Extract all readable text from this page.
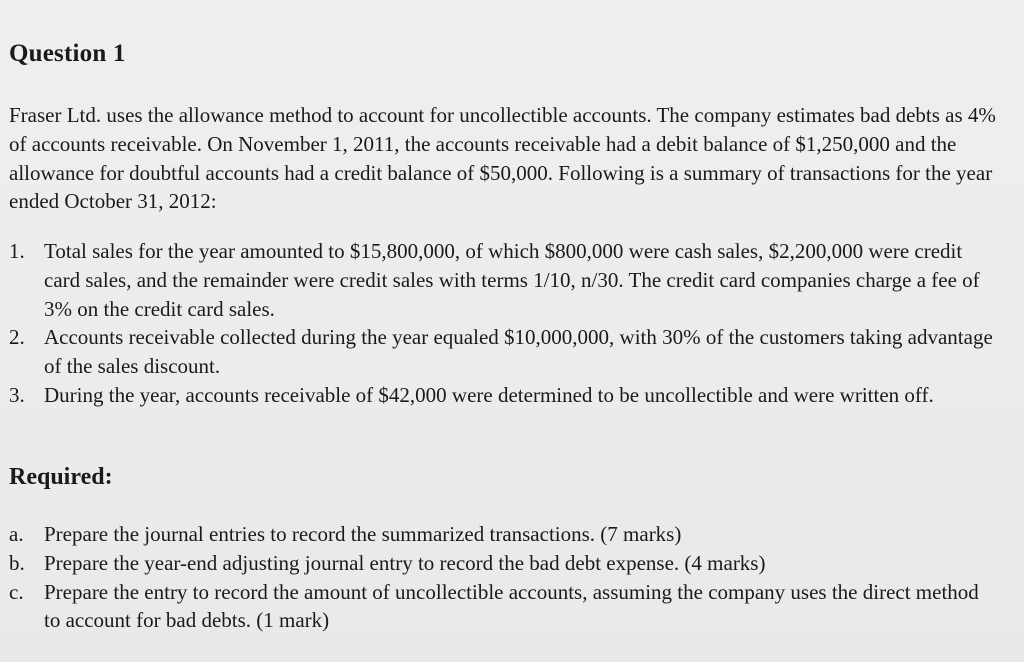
Question 1

Fraser Ltd. uses the allowance method to account for uncollectible accounts. The company estimates bad debts as 4% of accounts receivable. On November 1, 2011, the accounts receivable had a debit balance of $1,250,000 and the allowance for doubtful accounts had a credit balance of $50,000. Following is a summary of transactions for the year ended October 31, 2012:

1. Total sales for the year amounted to $15,800,000, of which $800,000 were cash sales, $2,200,000 were credit card sales, and the remainder were credit sales with terms 1/10, n/30. The credit card companies charge a fee of 3% on the credit card sales.
2. Accounts receivable collected during the year equaled $10,000,000, with 30% of the customers taking advantage of the sales discount.
3. During the year, accounts receivable of $42,000 were determined to be uncollectible and were written off.
Required:
a. Prepare the journal entries to record the summarized transactions. (7 marks)
b. Prepare the year-end adjusting journal entry to record the bad debt expense. (4 marks)
c. Prepare the entry to record the amount of uncollectible accounts, assuming the company uses the direct method to account for bad debts. (1 mark)
